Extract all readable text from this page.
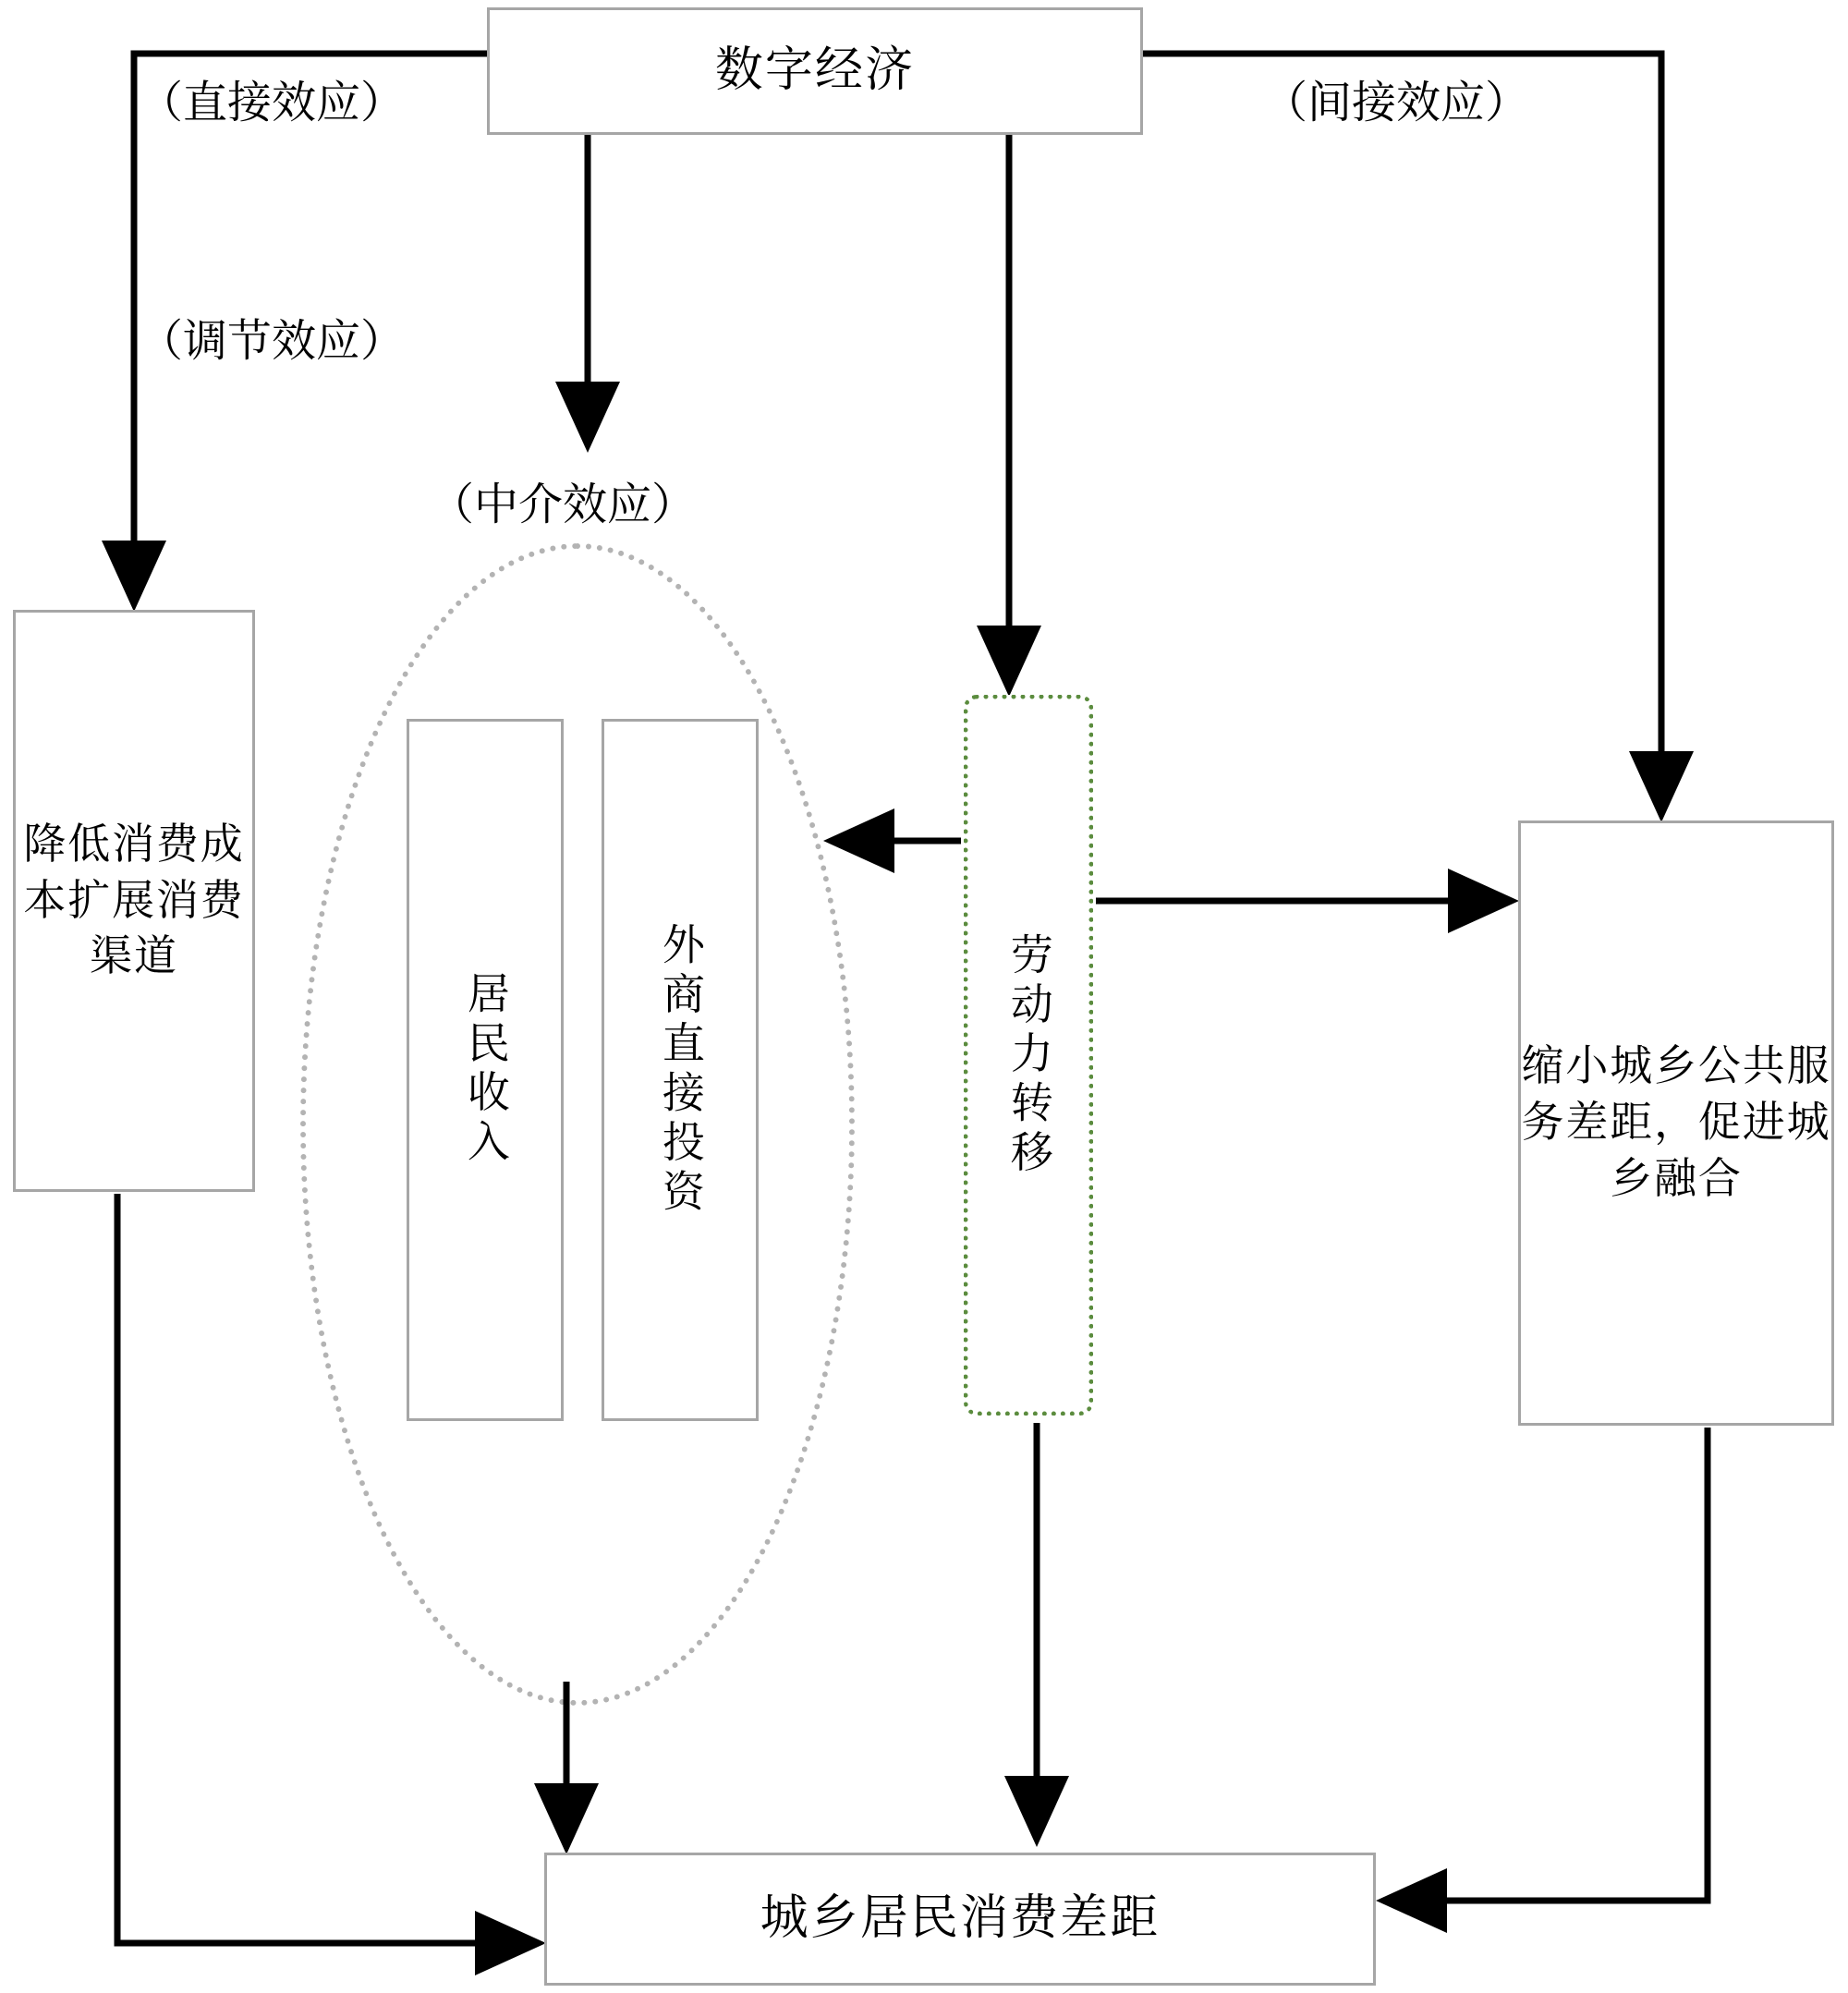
数字经济
降低消费成本扩展消费渠道
居民收入	外商直接投资	劳动力转移	缩小城乡公共服务差距，促进城乡融合
城乡居民消费差距
（直接效应）	（间接效应）
（调节效应）
（中介效应）
